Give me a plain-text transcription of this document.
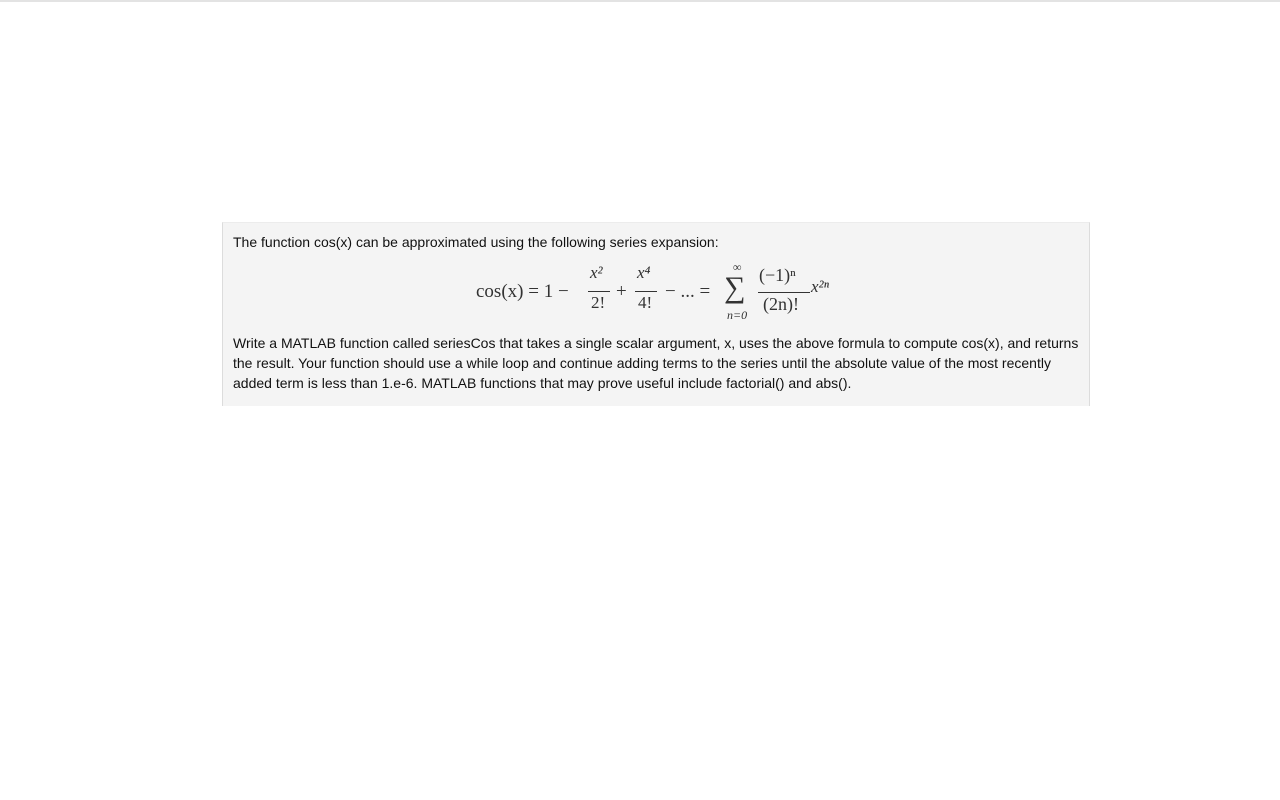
The function cos(x) can be approximated using the following series expansion:
cos(x) = 1 −
x²
2!
+
x⁴
4!
− ... =
∞
∑
n=0
(−1)ⁿ
(2n)!
x²ⁿ
Write a MATLAB function called seriesCos that takes a single scalar argument, x, uses the above formula to compute cos(x), and returns the result. Your function should use a while loop and continue adding terms to the series until the absolute value of the most recently added term is less than 1.e-6. MATLAB functions that may prove useful include factorial() and abs().
